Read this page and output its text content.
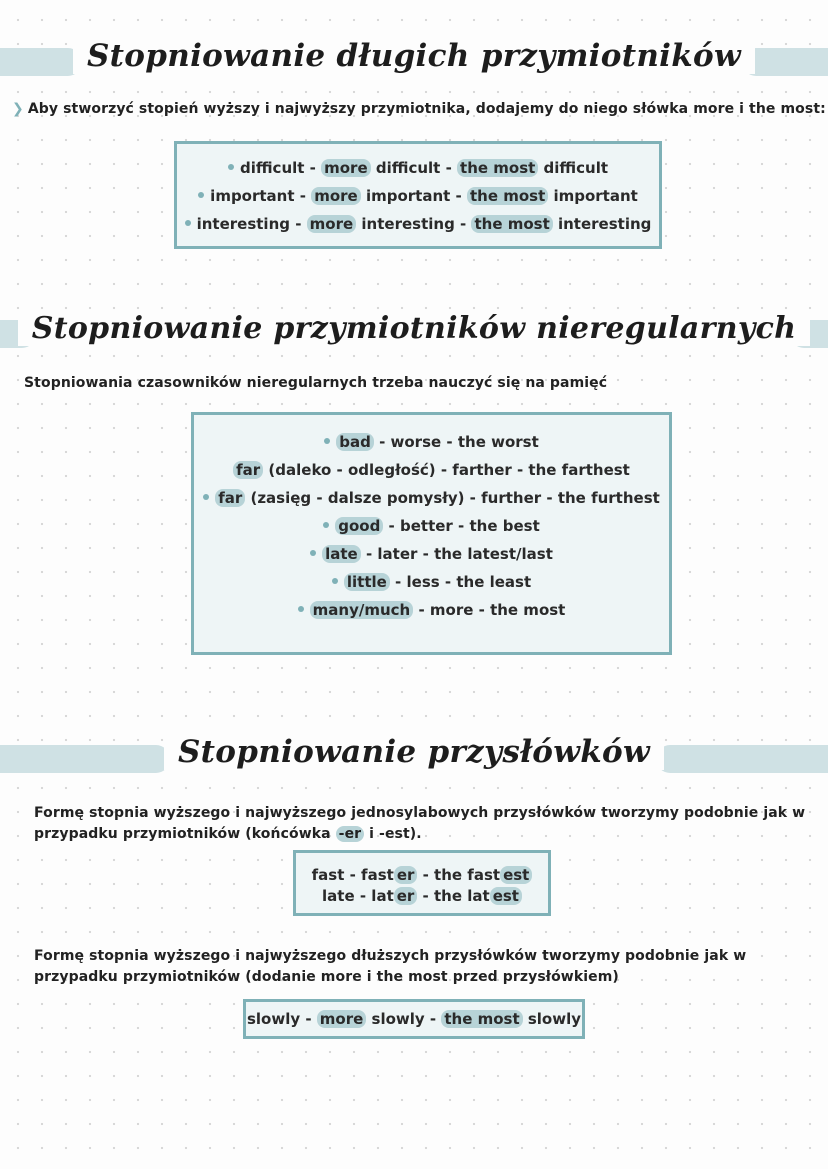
Stopniowanie długich przymiotników
❯ Aby stworzyć stopień wyższy i najwyższy przymiotnika, dodajemy do niego słówka more i the most:
difficult - more difficult - the most difficult
important - more important - the most important
interesting - more interesting - the most interesting
Stopniowanie przymiotników nieregularnych
Stopniowania czasowników nieregularnych trzeba nauczyć się na pamięć
bad - worse - the worst
far (daleko - odległość) - farther - the farthest
far (zasięg - dalsze pomysły) - further - the furthest
good - better - the best
late - later - the latest/last
little - less - the least
many/much - more - the most
Stopniowanie przysłówków
Formę stopnia wyższego i najwyższego jednosylabowych przysłówków tworzymy podobnie jak w
przypadku przymiotników (końcówka -er i -est).
fast - fast er - the fast est
late - lat er - the lat est
Formę stopnia wyższego i najwyższego dłuższych przysłówków tworzymy podobnie jak w
przypadku przymiotników (dodanie more i the most przed przysłówkiem)
slowly - more slowly - the most slowly
